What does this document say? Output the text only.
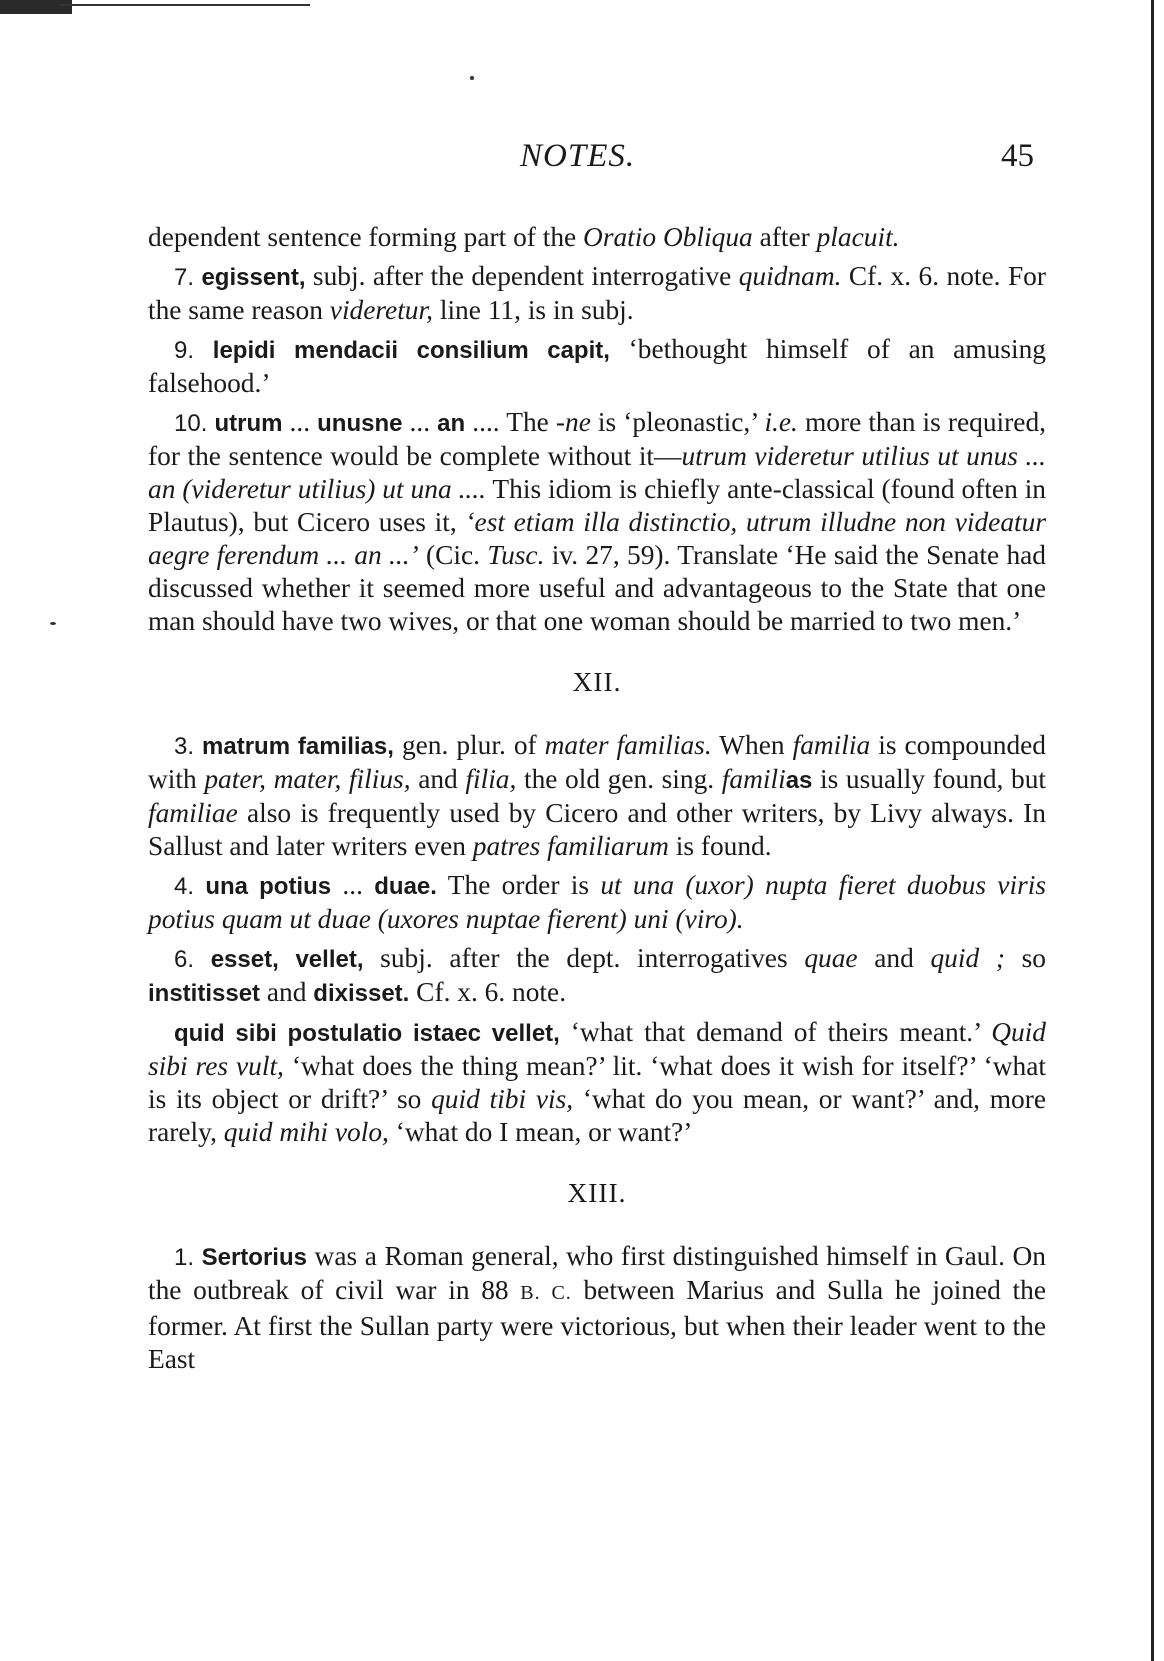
NOTES.	45

dependent sentence forming part of the Oratio Obliqua after placuit.

7. egissent, subj. after the dependent interrogative quidnam. Cf. x. 6. note. For the same reason videretur, line 11, is in subj.

9. lepidi mendacii consilium capit, ‘bethought himself of an amusing falsehood.’

10. utrum ... unusne ... an .... The -ne is ‘pleonastic,’ i.e. more than is required, for the sentence would be complete without it—utrum videretur utilius ut unus ... an (videretur utilius) ut una .... This idiom is chiefly ante-classical (found often in Plautus), but Cicero uses it, ‘est etiam illa distinctio, utrum illudne non videatur aegre ferendum ... an ...’ (Cic. Tusc. iv. 27, 59). Translate ‘He said the Senate had discussed whether it seemed more useful and advantageous to the State that one man should have two wives, or that one woman should be married to two men.’

XII.

3. matrum familias, gen. plur. of mater familias. When familia is compounded with pater, mater, filius, and filia, the old gen. sing. familias is usually found, but familiae also is frequently used by Cicero and other writers, by Livy always. In Sallust and later writers even patres familiarum is found.

4. una potius ... duae. The order is ut una (uxor) nupta fieret duobus viris potius quam ut duae (uxores nuptae fierent) uni (viro).

6. esset, vellet, subj. after the dept. interrogatives quae and quid ; so institisset and dixisset. Cf. x. 6. note.

quid sibi postulatio istaec vellet, ‘what that demand of theirs meant.’ Quid sibi res vult, ‘what does the thing mean?’ lit. ‘what does it wish for itself?’ ‘what is its object or drift?’ so quid tibi vis, ‘what do you mean, or want?’ and, more rarely, quid mihi volo, ‘what do I mean, or want?’

XIII.

1. Sertorius was a Roman general, who first distinguished himself in Gaul. On the outbreak of civil war in 88 B. C. between Marius and Sulla he joined the former. At first the Sullan party were victorious, but when their leader went to the East
